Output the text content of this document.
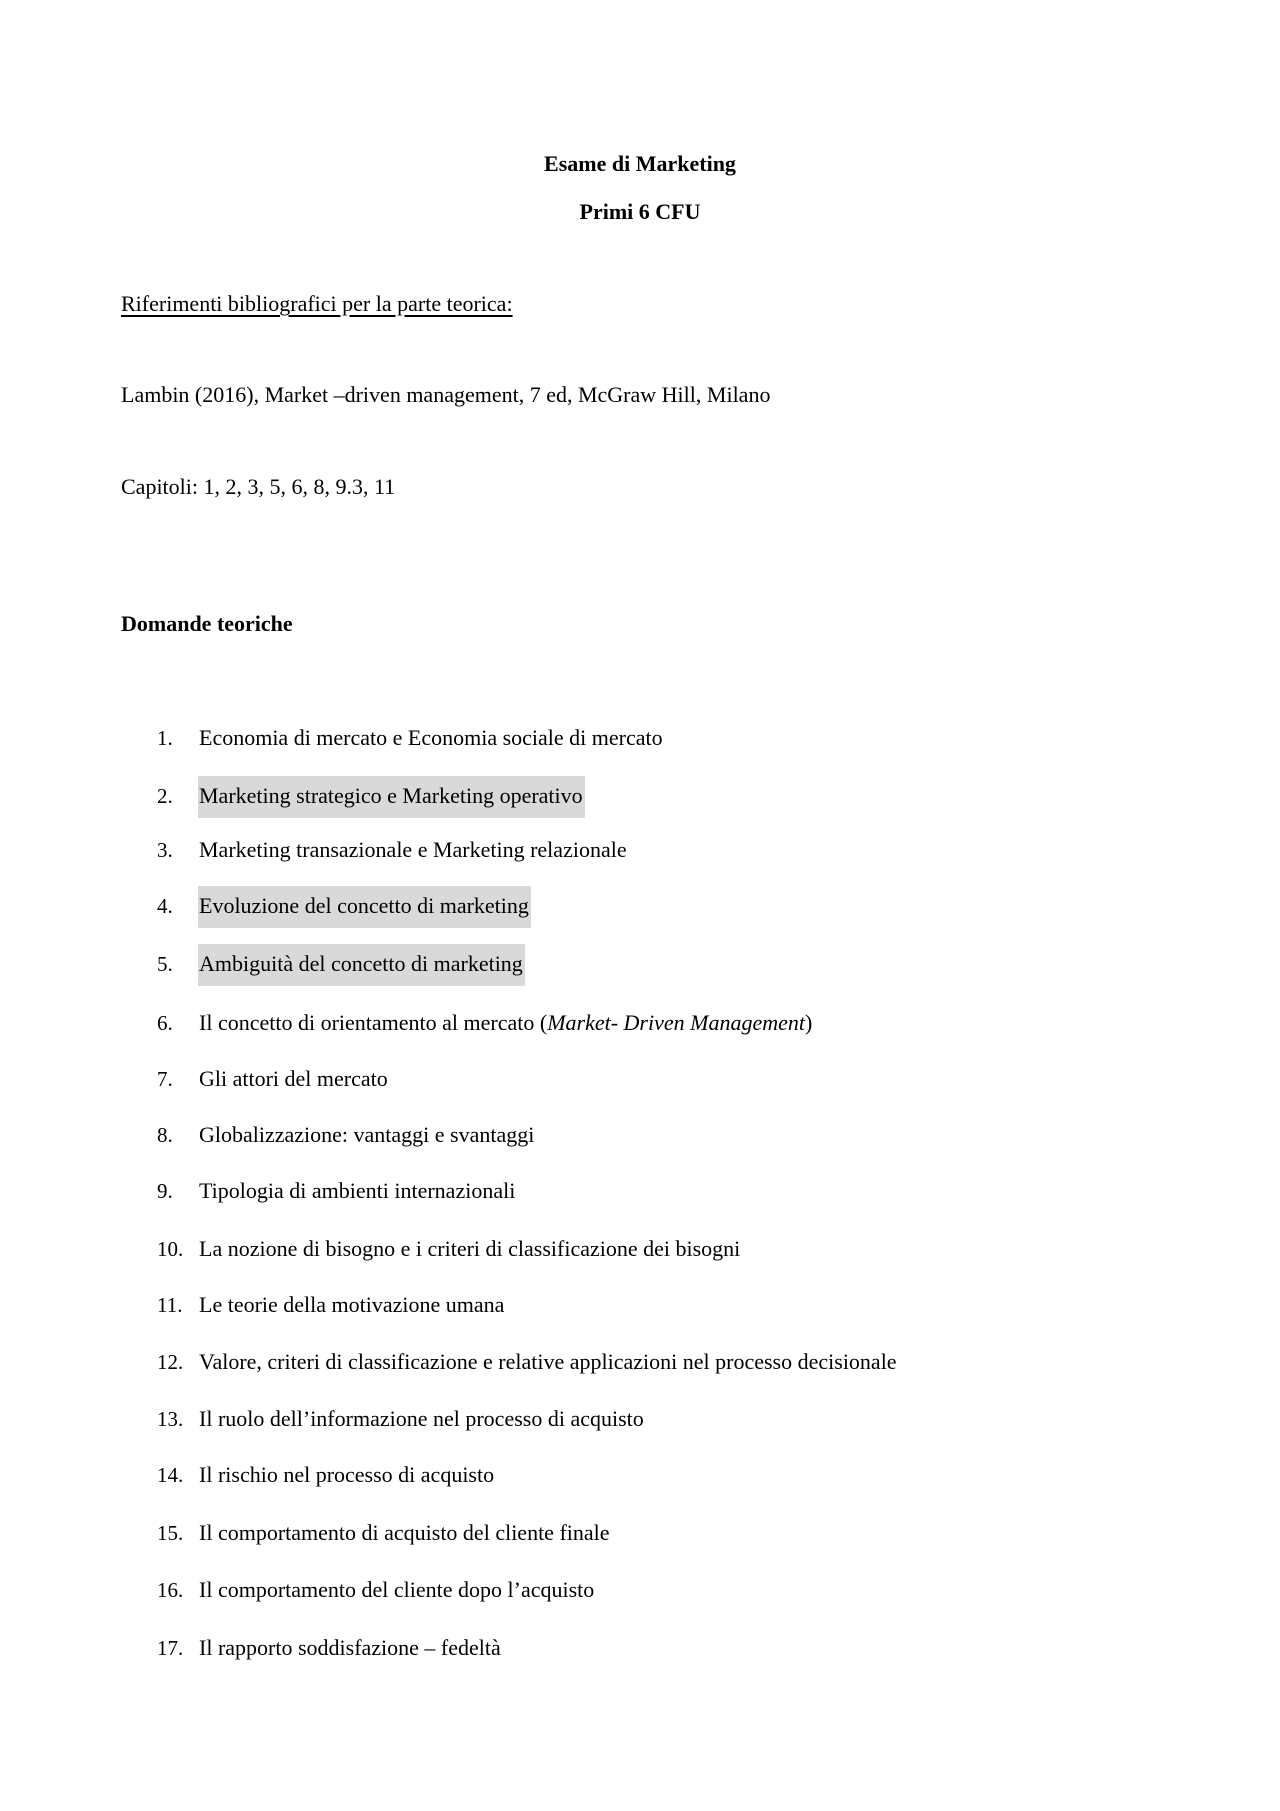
Esame di Marketing
Primi 6 CFU
Riferimenti bibliografici per la parte teorica:
Lambin (2016), Market –driven management, 7 ed, McGraw Hill, Milano
Capitoli: 1, 2, 3, 5, 6, 8, 9.3, 11
Domande teoriche
1. Economia di mercato e Economia sociale di mercato
2. Marketing strategico e Marketing operativo
3. Marketing transazionale e Marketing relazionale
4. Evoluzione del concetto di marketing
5. Ambiguità del concetto di marketing
6. Il concetto di orientamento al mercato (Market- Driven Management)
7. Gli attori del mercato
8. Globalizzazione: vantaggi e svantaggi
9. Tipologia di ambienti internazionali
10. La nozione di bisogno e i criteri di classificazione dei bisogni
11. Le teorie della motivazione umana
12. Valore, criteri di classificazione e relative applicazioni nel processo decisionale
13. Il ruolo dell’informazione nel processo di acquisto
14. Il rischio nel processo di acquisto
15. Il comportamento di acquisto del cliente finale
16. Il comportamento del cliente dopo l’acquisto
17. Il rapporto soddisfazione – fedeltà
